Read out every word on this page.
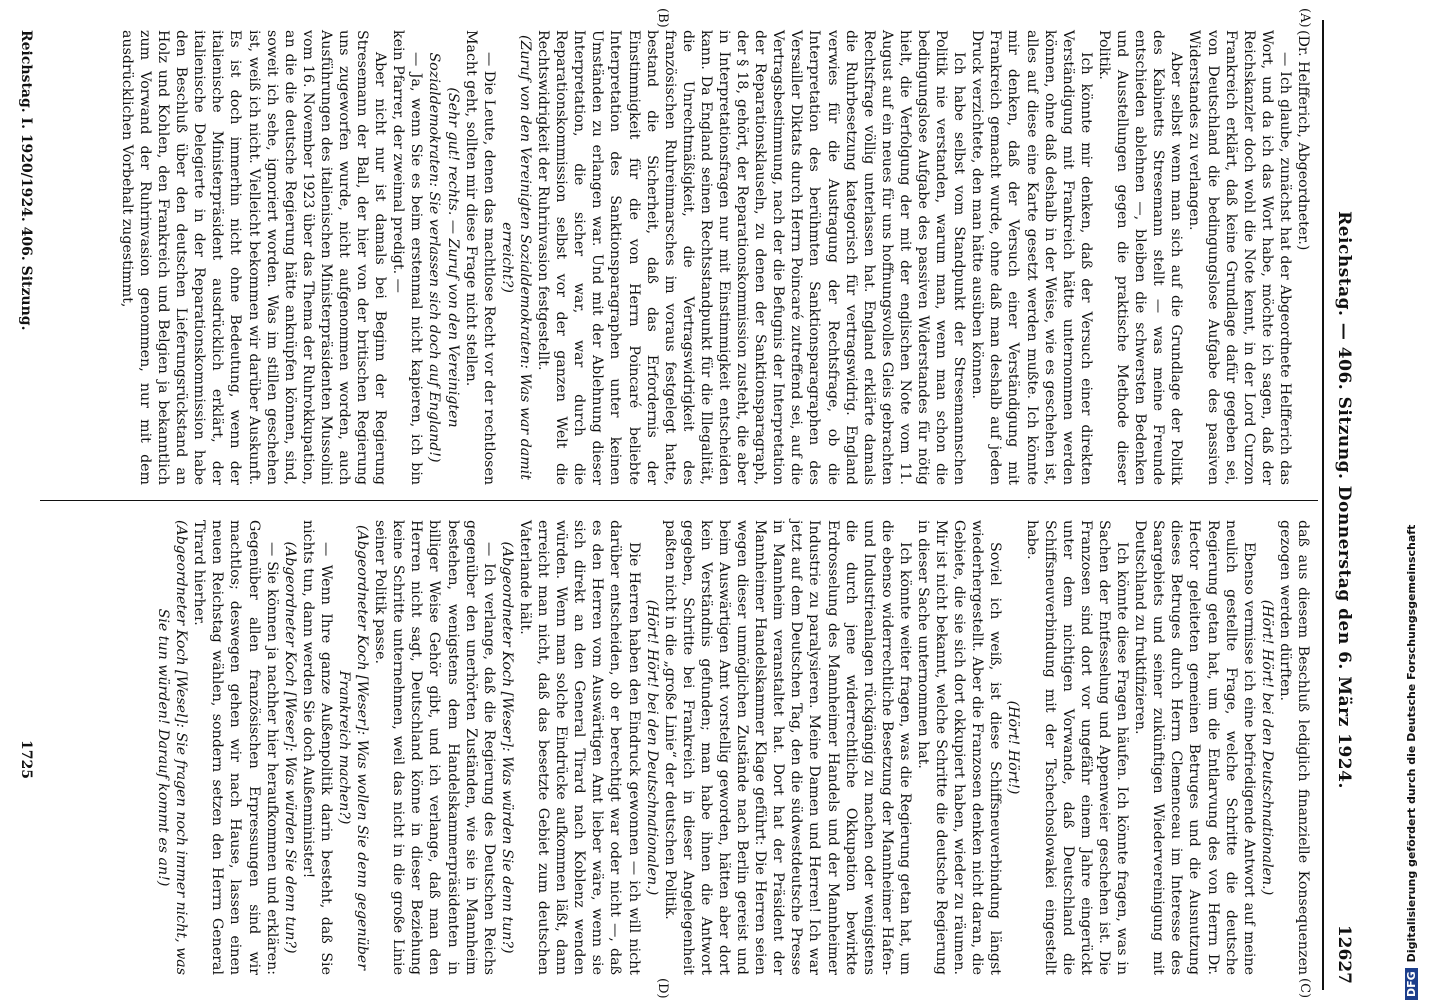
Reichstag. — 406. Sitzung. Donnerstag den 6. März 1924.
12627
(A)
(B)
(C)
(D)

(Dr. Helfferich, Abgeordneter.)

— Ich glaube, zunächst hat der Abgeordnete Helfferich das Wort, und da ich das Wort habe, möchte ich sagen, daß der Reichskanzler doch wohl die Note kennt, in der Lord Curzon Frankreich erklärt, daß keine Grundlage dafür gegeben sei, von Deutschland die bedingungslose Aufgabe des passiven Widerstandes zu verlangen.

Aber selbst wenn man sich auf die Grundlage der Politik des Kabinetts Stresemann stellt — was meine Freunde entschieden ablehnen —, bleiben die schwersten Bedenken und Ausstellungen gegen die praktische Methode dieser Politik.

Ich könnte mir denken, daß der Versuch einer direkten Verständigung mit Frankreich hätte unternommen werden können, ohne daß deshalb in der Weise, wie es geschehen ist, alles auf diese eine Karte gesetzt werden mußte. Ich könnte mir denken, daß der Versuch einer Verständigung mit Frankreich gemacht wurde, ohne daß man deshalb auf jeden Druck verzichtete, den man hätte ausüben können.

Ich habe selbst vom Standpunkt der Stresemannschen Politik nie verstanden, warum man, wenn man schon die bedingungslose Aufgabe des passiven Widerstandes für nötig hielt, die Verfolgung der mit der englischen Note vom 11. August auf ein neues für uns hoffnungsvolles Gleis gebrachten Rechtsfrage völlig unterlassen hat. England erklärte damals die Ruhrbesetzung kategorisch für vertragswidrig. England verwies für die Austragung der Rechtsfrage, ob die Interpretation des berühmten Sanktionsparagraphen des Versailler Diktats durch Herrn Poincaré zutreffend sei, auf die Vertragsbestimmung, nach der die Befugnis der Interpretation der Reparationsklauseln, zu denen der Sanktionsparagraph, der § 18, gehört, der Reparationskommission zusteht, die aber in Interpretationsfragen nur mit Einstimmigkeit entscheiden kann. Da England seinen Rechtsstandpunkt für die Illegalität, die Unrechtmäßigkeit, die Vertragswidrigkeit des französischen Ruhreinmarsches im voraus festgelegt hatte, bestand die Sicherheit, daß das Erfordernis der Einstimmigkeit für die von Herrn Poincaré beliebte Interpretation des Sanktionsparagraphen unter keinen Umständen zu erlangen war. Und mit der Ablehnung dieser Interpretation, die sicher war, war durch die Reparationskommission selbst vor der ganzen Welt die Rechtswidrigkeit der Ruhrinvasion festgestellt.

(Zuruf von den Vereinigten Sozialdemokraten: Was war damit erreicht?)

— Die Leute, denen das machtlose Recht vor der rechtlosen Macht geht, sollten mir diese Frage nicht stellen.

(Sehr gut! rechts. — Zuruf von den Vereinigten Sozialdemokraten: Sie verlassen sich doch auf England!)

— Ja, wenn Sie es beim erstenmal nicht kapieren, ich bin kein Pfarrer, der zweimal predigt. —

Aber nicht nur ist damals bei Beginn der Regierung Stresemann der Ball, der hier von der britischen Regierung uns zugeworfen wurde, nicht aufgenommen worden, auch Ausführungen des italienischen Ministerpräsidenten Mussolini vom 16. November 1923 über das Thema der Ruhrokkupation, an die die deutsche Regierung hätte anknüpfen können, sind, soweit ich sehe, ignoriert worden. Was im stillen geschehen ist, weiß ich nicht. Vielleicht bekommen wir darüber Auskunft. Es ist doch immerhin nicht ohne Bedeutung, wenn der italienische Ministerpräsident ausdrücklich erklärt, der italienische Delegierte in der Reparationskommission habe den Beschluß über den deutschen Lieferungsrückstand an Holz und Kohlen, den Frankreich und Belgien ja bekanntlich zum Vorwand der Ruhrinvasion genommen, nur mit dem ausdrücklichen Vorbehalt zugestimmt,

daß aus diesem Beschluß lediglich finanzielle Konsequenzen gezogen werden dürften.

(Hört! Hört! bei den Deutschnationalen.)

Ebenso vermisse ich eine befriedigende Antwort auf meine neulich gestellte Frage, welche Schritte die deutsche Regierung getan hat, um die Entlarvung des von Herrn Dr. Hector geleiteten gemeinen Betruges und die Ausnutzung dieses Betruges durch Herrn Clemenceau im Interesse des Saargebiets und seiner zukünftigen Wiedervereinigung mit Deutschland zu fruktifizieren.

Ich könnte diese Fragen häufen. Ich könnte fragen, was in Sachen der Entfesselung und Appenweier geschehen ist. Die Franzosen sind dort vor ungefähr einem Jahre eingerückt unter dem nichtigen Vorwande, daß Deutschland die Schiffsneuverbindung mit der Tschechoslowakei eingestellt habe.

(Hört! Hört!)

Soviel ich weiß, ist diese Schiffsneuverbindung längst wiederhergestellt. Aber die Franzosen denken nicht daran, die Gebiete, die sie sich dort okkupiert haben, wieder zu räumen. Mir ist nicht bekannt, welche Schritte die deutsche Regierung in dieser Sache unternommen hat.

Ich könnte weiter fragen, was die Regierung getan hat, um die ebenso widerrechtliche Besetzung der Mannheimer Hafen- und Industrieanlagen rückgängig zu machen oder wenigstens die durch jene widerrechtliche Okkupation bewirkte Erdrosselung des Mannheimer Handels und der Mannheimer Industrie zu paralysieren. Meine Damen und Herren! Ich war jetzt auf dem Deutschen Tag, den die südwestdeutsche Presse in Mannheim veranstaltet hat. Dort hat der Präsident der Mannheimer Handelskammer Klage geführt: Die Herren seien wegen dieser unmöglichen Zustände nach Berlin gereist und beim Auswärtigen Amt vorstellig geworden, hätten aber dort kein Verständnis gefunden; man habe ihnen die Antwort gegeben, Schritte bei Frankreich in dieser Angelegenheit paßten nicht in die „große Linie“ der deutschen Politik.

(Hört! Hört! bei den Deutschnationalen.)

Die Herren haben den Eindruck gewonnen — ich will nicht darüber entscheiden, ob er berechtigt war oder nicht —, daß es den Herren vom Auswärtigen Amt lieber wäre, wenn sie sich direkt an den General Tirard nach Koblenz wenden würden. Wenn man solche Eindrücke aufkommen läßt, dann erreicht man nicht, daß das besetzte Gebiet zum deutschen Vaterlande hält.

(Abgeordneter Koch [Weser]: Was würden Sie denn tun?)

— Ich verlange, daß die Regierung des Deutschen Reichs gegenüber den unerhörten Zuständen, wie sie in Mannheim bestehen, wenigstens dem Handelskammerpräsidenten in billiger Weise Gehör gibt, und ich verlange, daß man den Herren nicht sagt, Deutschland könne in dieser Beziehung keine Schritte unternehmen, weil das nicht in die große Linie seiner Politik passe.

(Abgeordneter Koch [Weser]: Was wollen Sie denn gegenüber Frankreich machen?)

— Wenn Ihre ganze Außenpolitik darin besteht, daß Sie nichts tun, dann werden Sie doch Außenminister!

(Abgeordneter Koch [Weser]: Was würden Sie denn tun?)

— Sie können ja nachher hier heraufkommen und erklären: Gegenüber allen französischen Erpressungen sind wir machtlos; deswegen gehen wir nach Hause, lassen einen neuen Reichstag wählen, sondern setzen den Herrn General Tirard hierher.

(Abgeordneter Koch [Wesel]: Sie fragen noch immer nicht, was Sie tun würden! Darauf kommt es an!)

Reichstag. I. 1920/1924. 406. Sitzung.
1725
DFGDigitalisierung gefördert durch die Deutsche Forschungsgemeinschaft
